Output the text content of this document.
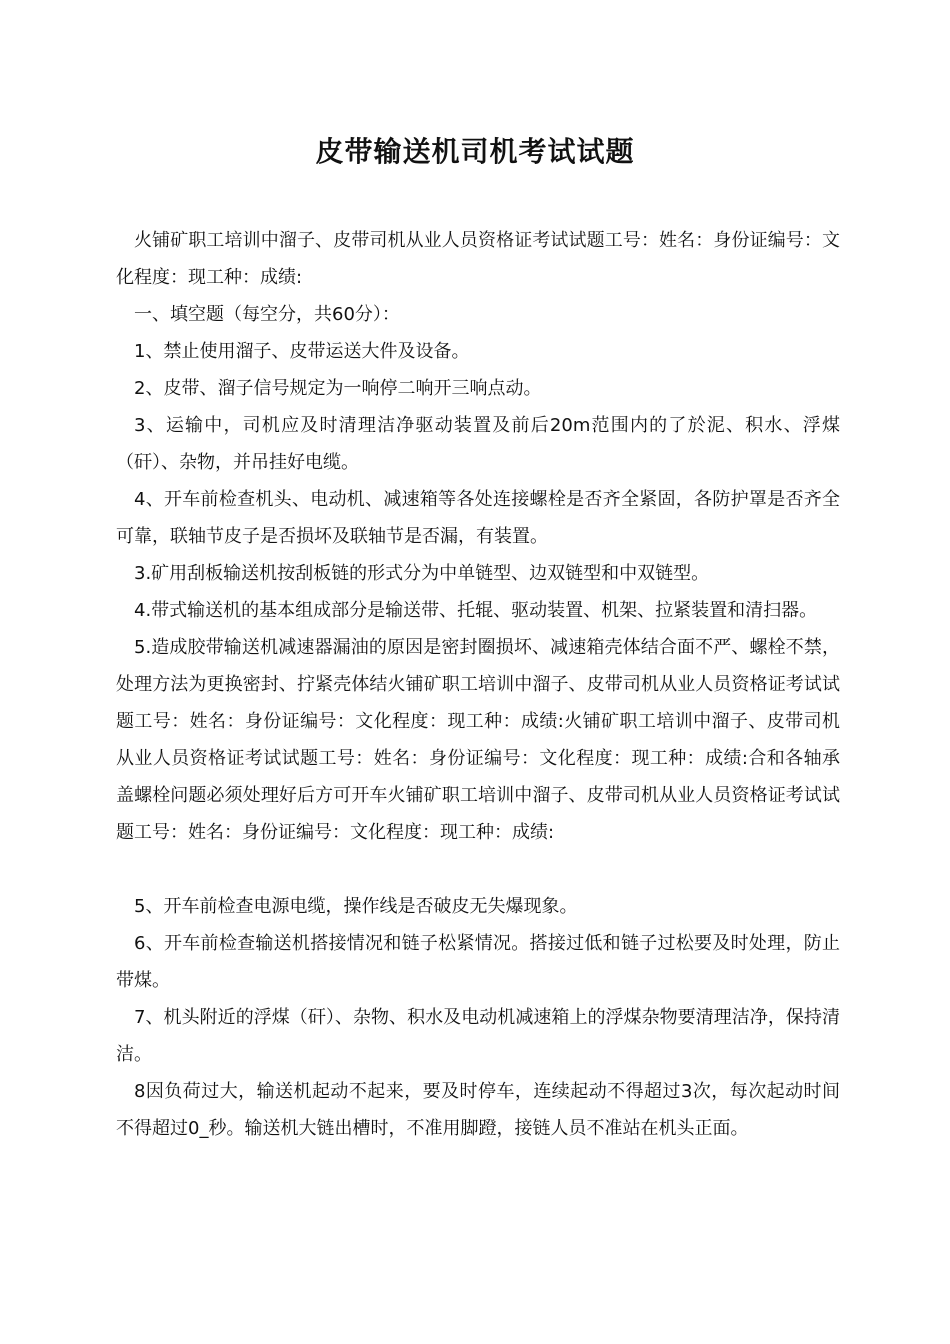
皮带输送机司机考试试题

火铺矿职工培训中溜子、皮带司机从业人员资格证考试试题工号：姓名：身份证编号：文化程度：现工种：成绩:

一、填空题（每空分，共60分）：

1、禁止使用溜子、皮带运送大件及设备。

2、皮带、溜子信号规定为一响停二响开三响点动。

3、运输中，司机应及时清理洁净驱动装置及前后20m范围内的了於泥、积水、浮煤（矸）、杂物，并吊挂好电缆。

4、开车前检查机头、电动机、减速箱等各处连接螺栓是否齐全紧固，各防护罩是否齐全可靠，联轴节皮子是否损坏及联轴节是否漏，有装置。

3.矿用刮板输送机按刮板链的形式分为中单链型、边双链型和中双链型。

4.带式输送机的基本组成部分是输送带、托辊、驱动装置、机架、拉紧装置和清扫器。

5.造成胶带输送机减速器漏油的原因是密封圈损坏、减速箱壳体结合面不严、螺栓不禁，处理方法为更换密封、拧紧壳体结火铺矿职工培训中溜子、皮带司机从业人员资格证考试试题工号：姓名：身份证编号：文化程度：现工种：成绩:火铺矿职工培训中溜子、皮带司机从业人员资格证考试试题工号：姓名：身份证编号：文化程度：现工种：成绩:合和各轴承盖螺栓问题必须处理好后方可开车火铺矿职工培训中溜子、皮带司机从业人员资格证考试试题工号：姓名：身份证编号：文化程度：现工种：成绩:

5、开车前检查电源电缆，操作线是否破皮无失爆现象。

6、开车前检查输送机搭接情况和链子松紧情况。搭接过低和链子过松要及时处理，防止带煤。

7、机头附近的浮煤（矸）、杂物、积水及电动机减速箱上的浮煤杂物要清理洁净，保持清洁。

8因负荷过大，输送机起动不起来，要及时停车，连续起动不得超过3次，每次起动时间不得超过0_秒。输送机大链出槽时，不准用脚蹬，接链人员不准站在机头正面。
